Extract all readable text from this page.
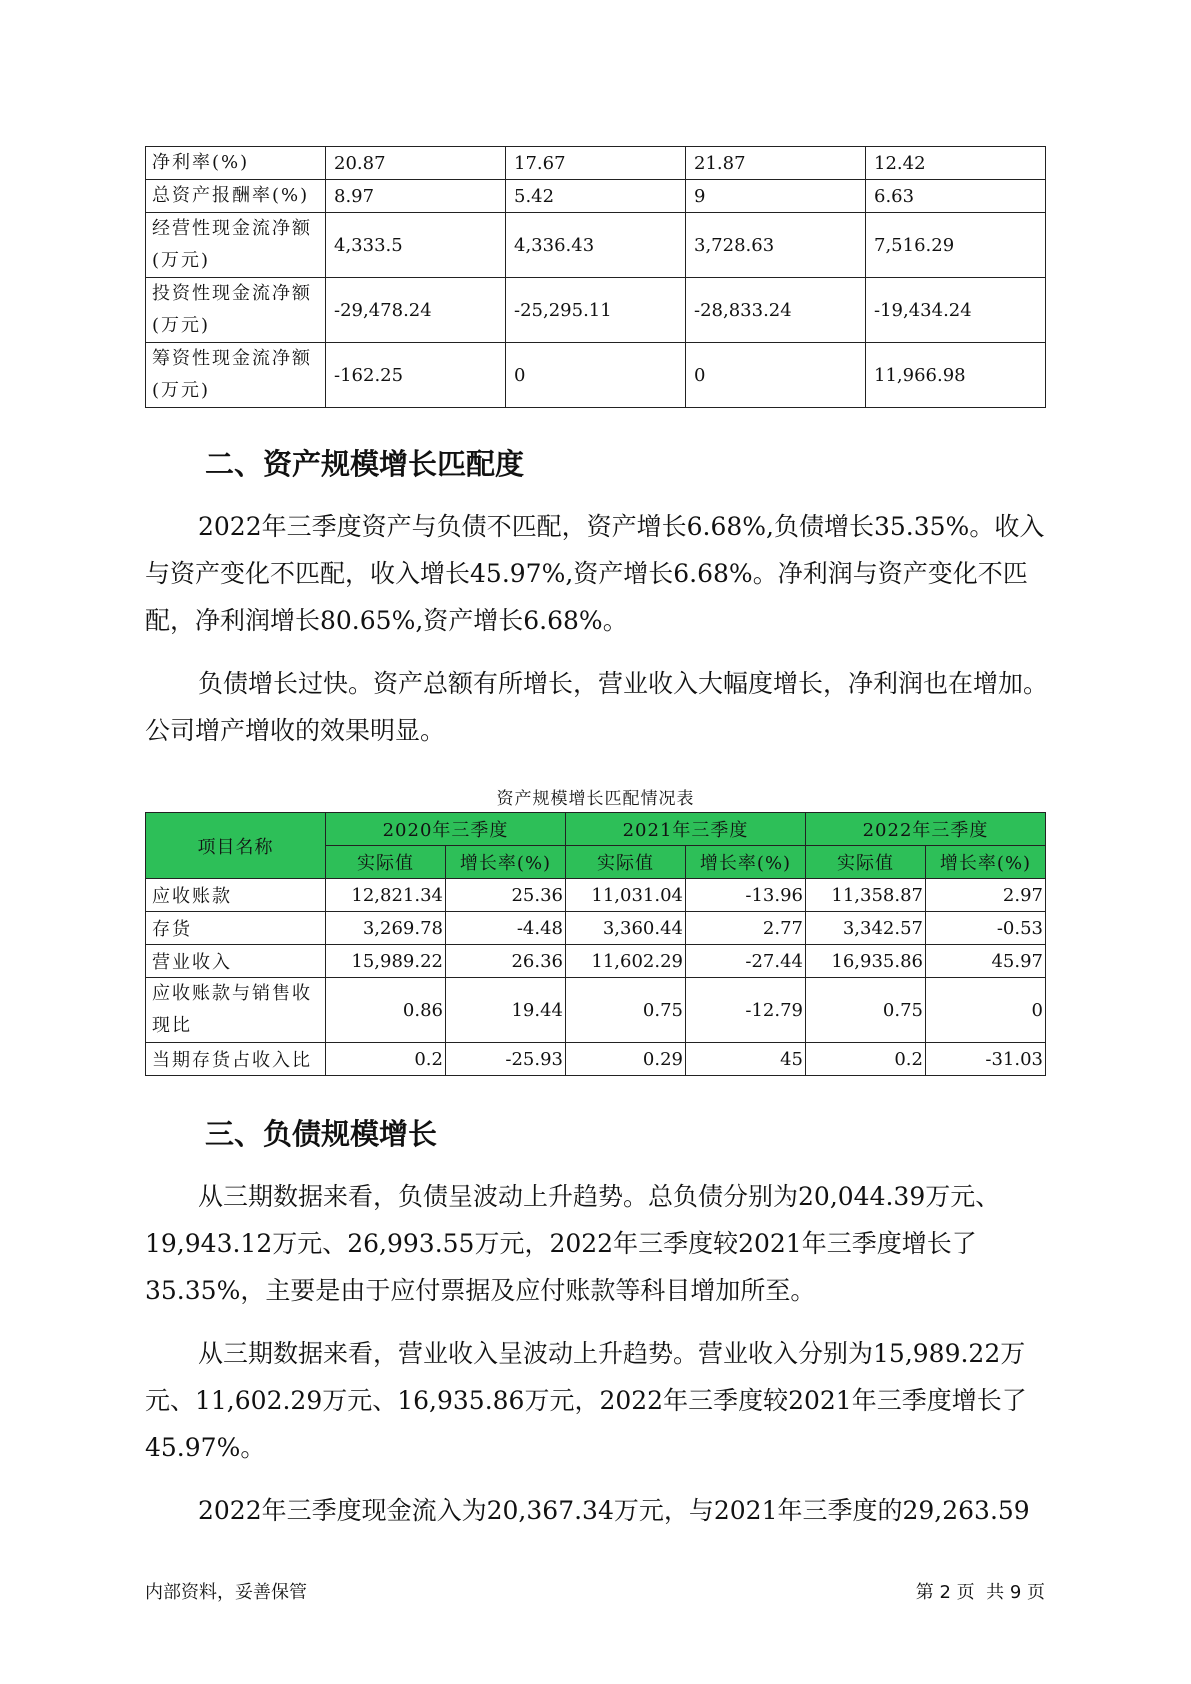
净利率(%)	20.87	17.67	21.87	12.42
总资产报酬率(%)	8.97	5.42	9	6.63
经营性现金流净额(万元)	4,333.5	4,336.43	3,728.63	7,516.29
投资性现金流净额(万元)	-29,478.24	-25,295.11	-28,833.24	-19,434.24
筹资性现金流净额(万元)	-162.25	0	0	11,966.98
二、资产规模增长匹配度

2022年三季度资产与负债不匹配，资产增长6.68%,负债增长35.35%。收入与资产变化不匹配，收入增长45.97%,资产增长6.68%。净利润与资产变化不匹配，净利润增长80.65%,资产增长6.68%。

负债增长过快。资产总额有所增长，营业收入大幅度增长，净利润也在增加。公司增产增收的效果明显。

资产规模增长匹配情况表
项目名称	2020年三季度		2021年三季度		2022年三季度	
	实际值	增长率(%)	实际值	增长率(%)	实际值	增长率(%)
应收账款	12,821.34	25.36	11,031.04	-13.96	11,358.87	2.97
存货	3,269.78	-4.48	3,360.44	2.77	3,342.57	-0.53
营业收入	15,989.22	26.36	11,602.29	-27.44	16,935.86	45.97
应收账款与销售收现比	0.86	19.44	0.75	-12.79	0.75	0
当期存货占收入比	0.2	-25.93	0.29	45	0.2	-31.03
三、负债规模增长

从三期数据来看，负债呈波动上升趋势。总负债分别为20,044.39万元、19,943.12万元、26,993.55万元，2022年三季度较2021年三季度增长了35.35%，主要是由于应付票据及应付账款等科目增加所至。

从三期数据来看，营业收入呈波动上升趋势。营业收入分别为15,989.22万元、11,602.29万元、16,935.86万元，2022年三季度较2021年三季度增长了45.97%。

2022年三季度现金流入为20,367.34万元，与2021年三季度的29,263.59

内部资料，妥善保管	第 2 页  共 9 页
